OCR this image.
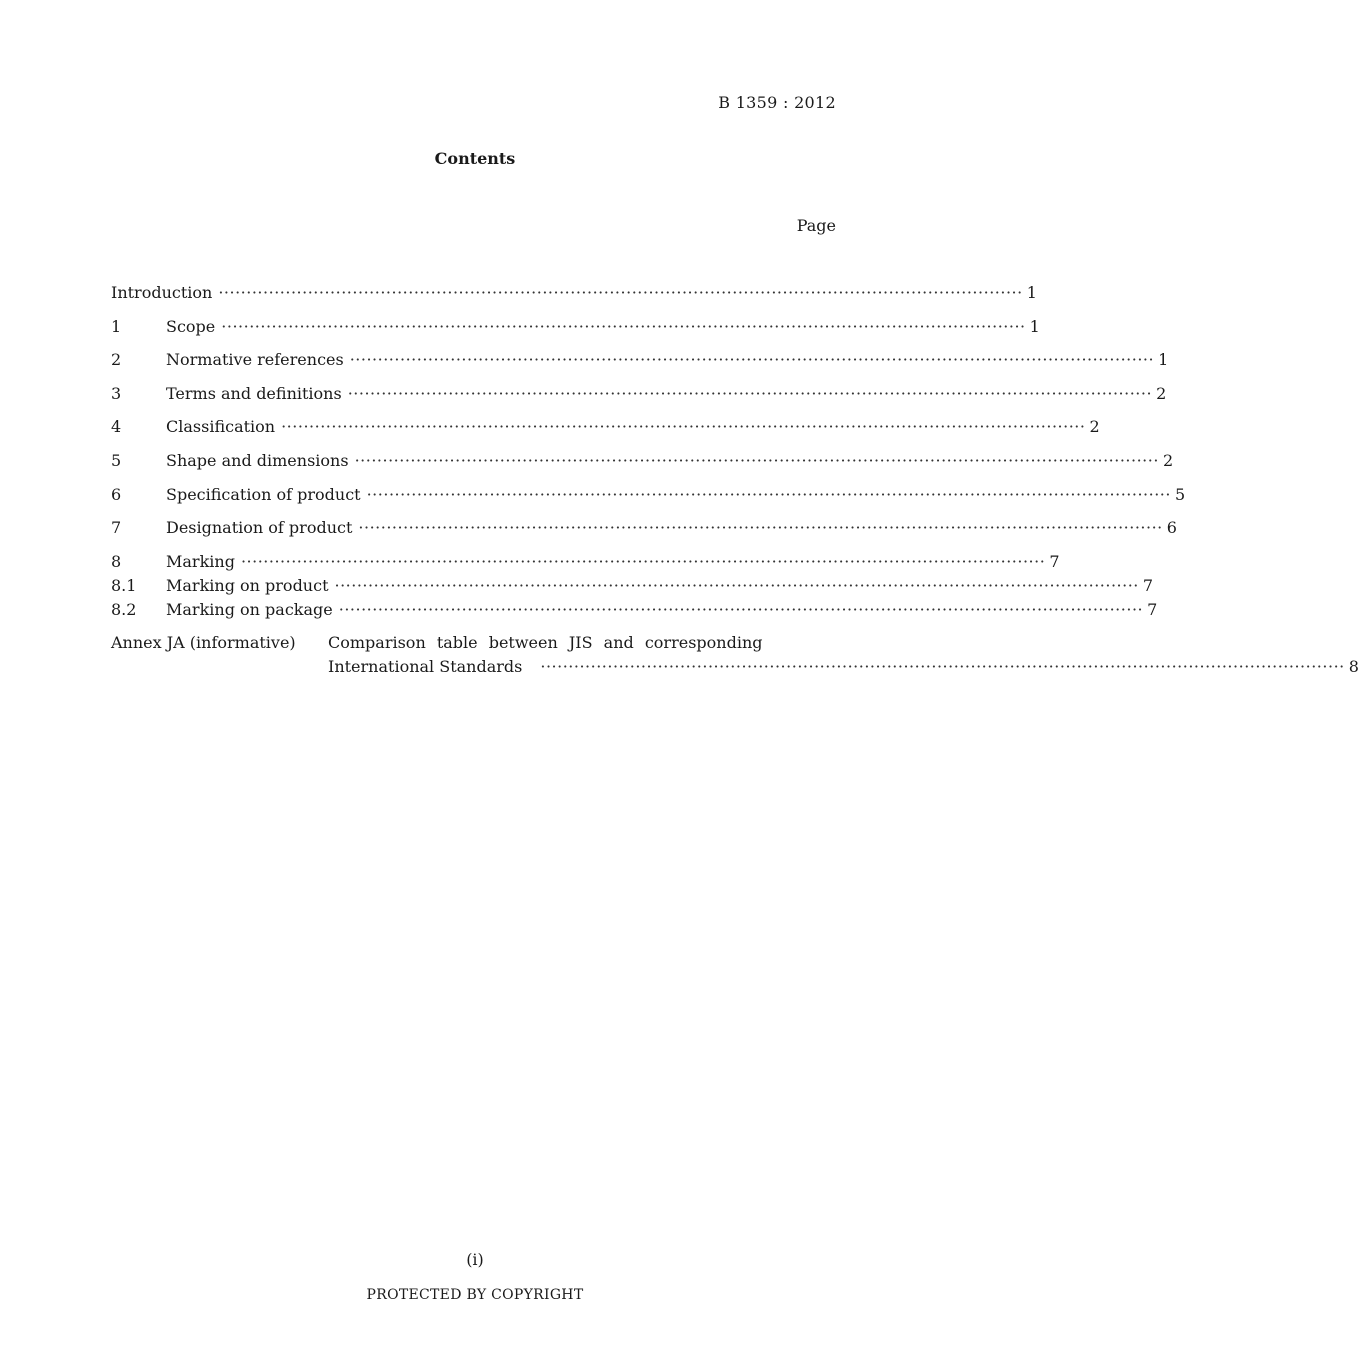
B 1359 : 2012
Contents
Page
Introduction ·····	1
1	Scope ·····	1
2	Normative references ·····	1
3	Terms and definitions ·····	2
4	Classification ·····	2
5	Shape and dimensions ·····	2
6	Specification of product ·····	5
7	Designation of product ·····	6
8	Marking ·····	7
8.1	Marking on product ·····	7
8.2	Marking on package ·····	7
Annex JA (informative)	Comparison table between JIS and corresponding
International Standards ·····	8
(i)
PROTECTED BY COPYRIGHT
